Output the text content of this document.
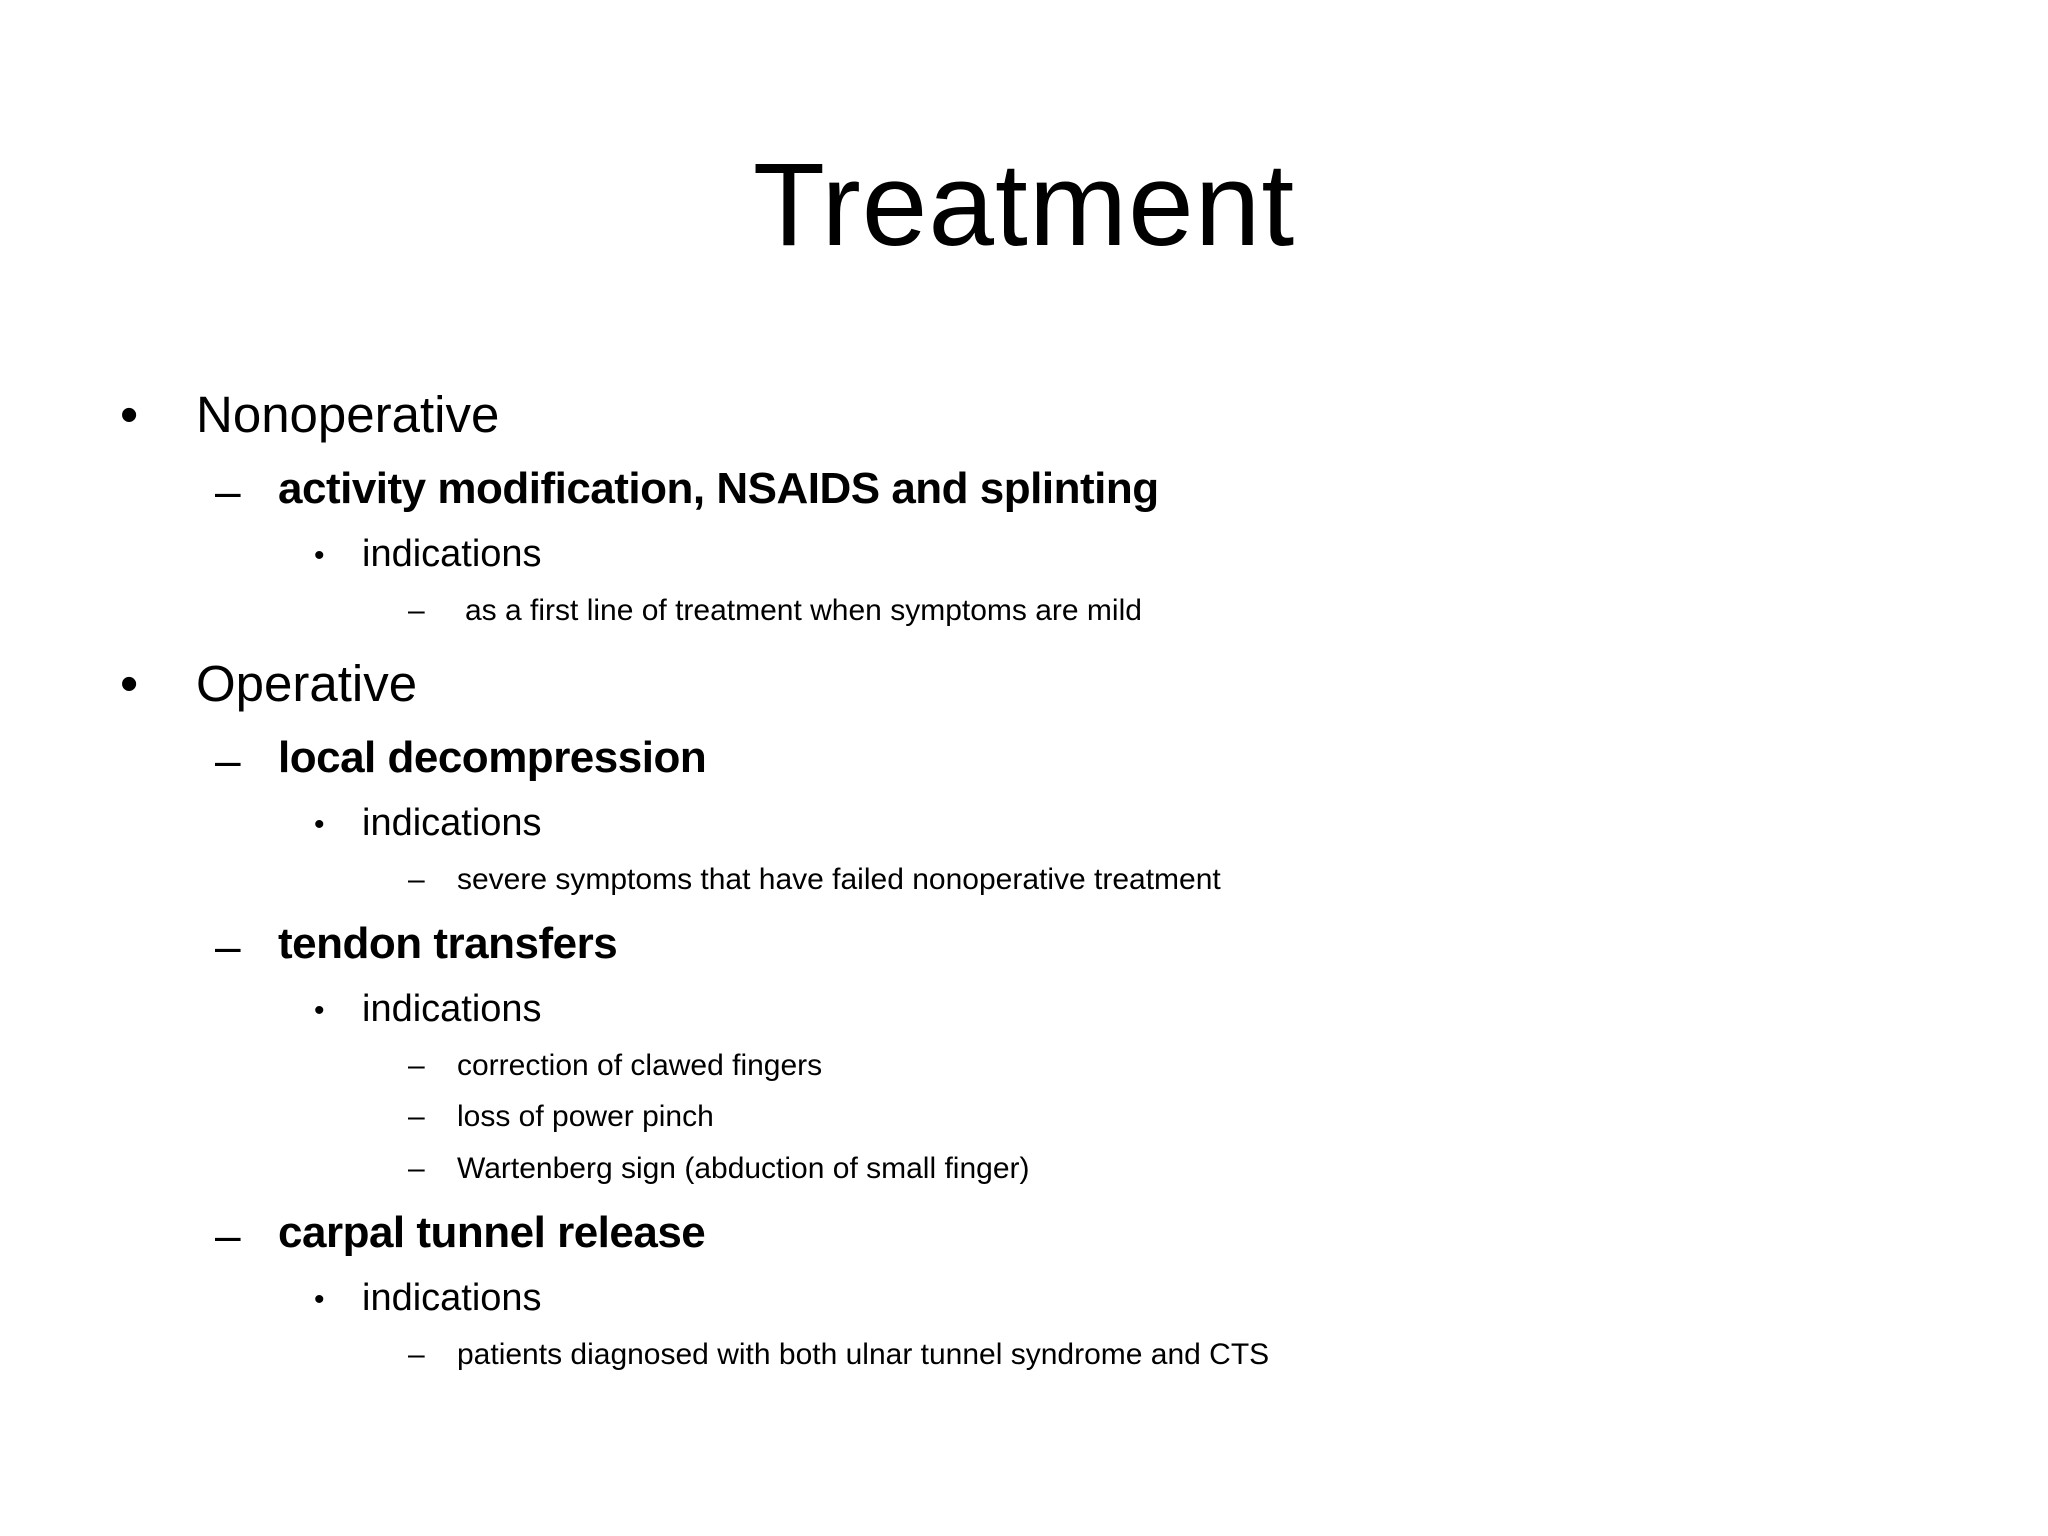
Treatment
• Nonoperative
– activity modification, NSAIDS and splinting
• indications
– as a first line of treatment when symptoms are mild
• Operative
– local decompression
• indications
– severe symptoms that have failed nonoperative treatment
– tendon transfers
• indications
– correction of clawed fingers
– loss of power pinch
– Wartenberg sign (abduction of small finger)
– carpal tunnel release
• indications
– patients diagnosed with both ulnar tunnel syndrome and CTS
